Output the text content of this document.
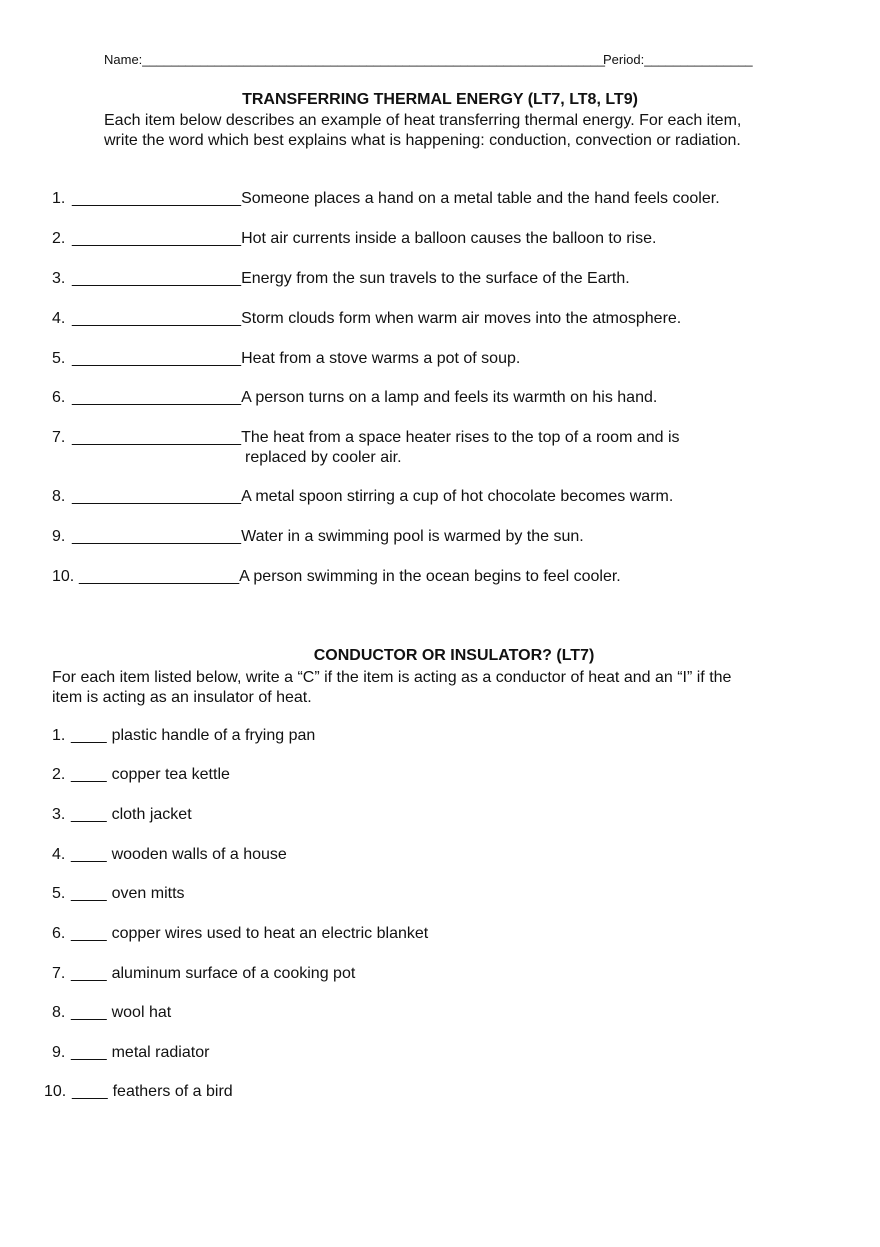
Name:________________________________________________________________
Period:_______________
TRANSFERRING THERMAL ENERGY (LT7, LT8, LT9)
Each item below describes an example of heat transferring thermal energy. For each item, write the word which best explains what is happening: conduction, convection or radiation.
1. ___________________Someone places a hand on a metal table and the hand feels cooler.
2. ___________________Hot air currents inside a balloon causes the balloon to rise.
3. ___________________Energy from the sun travels to the surface of the Earth.
4. ___________________Storm clouds form when warm air moves into the atmosphere.
5. ___________________Heat from a stove warms a pot of soup.
6. ___________________A person turns on a lamp and feels its warmth on his hand.
7. ___________________The heat from a space heater rises to the top of a room and is
replaced by cooler air.
8. ___________________A metal spoon stirring a cup of hot chocolate becomes warm.
9. ___________________Water in a swimming pool is warmed by the sun.
10. __________________A person swimming in the ocean begins to feel cooler.
CONDUCTOR OR INSULATOR? (LT7)
For each item listed below, write a “C” if the item is acting as a conductor of heat and an “I” if the item is acting as an insulator of heat.
1. ____ plastic handle of a frying pan
2. ____ copper tea kettle
3. ____ cloth jacket
4. ____ wooden walls of a house
5. ____ oven mitts
6. ____ copper wires used to heat an electric blanket
7. ____ aluminum surface of a cooking pot
8. ____ wool hat
9. ____ metal radiator
10. ____ feathers of a bird
